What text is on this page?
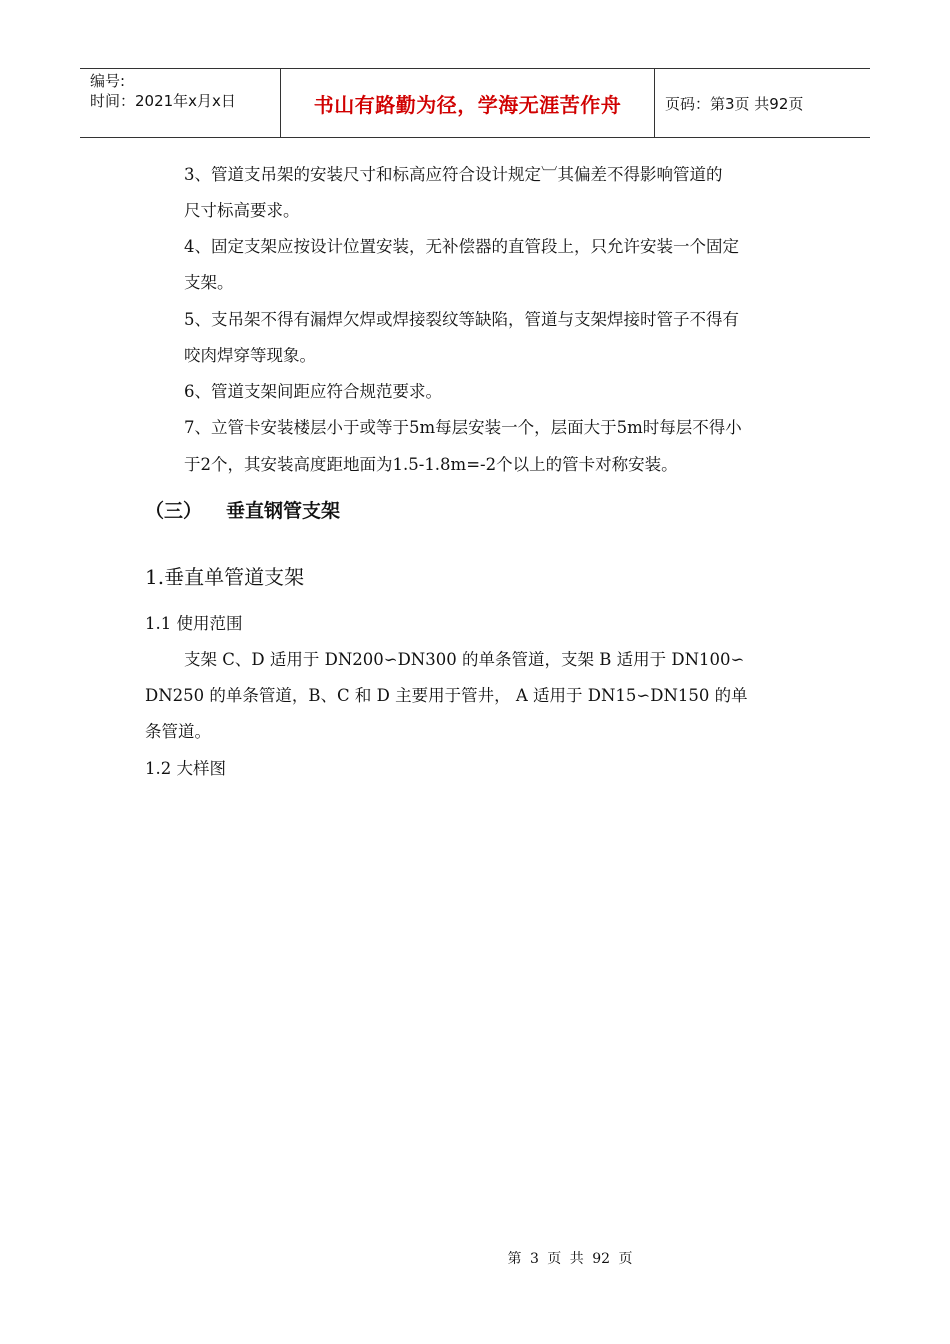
编号:
时间：2021年x月x日	书山有路勤为径，学海无涯苦作舟	页码：第3页 共92页
3、管道支吊架的安装尺寸和标高应符合设计规定︺其偏差不得影响管道的
尺寸标高要求。
4、固定支架应按设计位置安装，无补偿器的直管段上，只允许安装一个固定
支架。
5、支吊架不得有漏焊欠焊或焊接裂纹等缺陷，管道与支架焊接时管子不得有
咬肉焊穿等现象。
6、管道支架间距应符合规范要求。
7、立管卡安装楼层小于或等于5m每层安装一个，层面大于5m时每层不得小
于2个，其安装高度距地面为1.5-1.8m=-2个以上的管卡对称安装。
（三） 垂直钢管支架
1.垂直单管道支架
1.1 使用范围
支架 C、D 适用于 DN200∽DN300 的单条管道，支架 B 适用于 DN100∽
DN250 的单条管道，B、C 和 D 主要用于管井， A 适用于 DN15∽DN150 的单
条管道。
1.2 大样图
第 3 页 共 92 页
